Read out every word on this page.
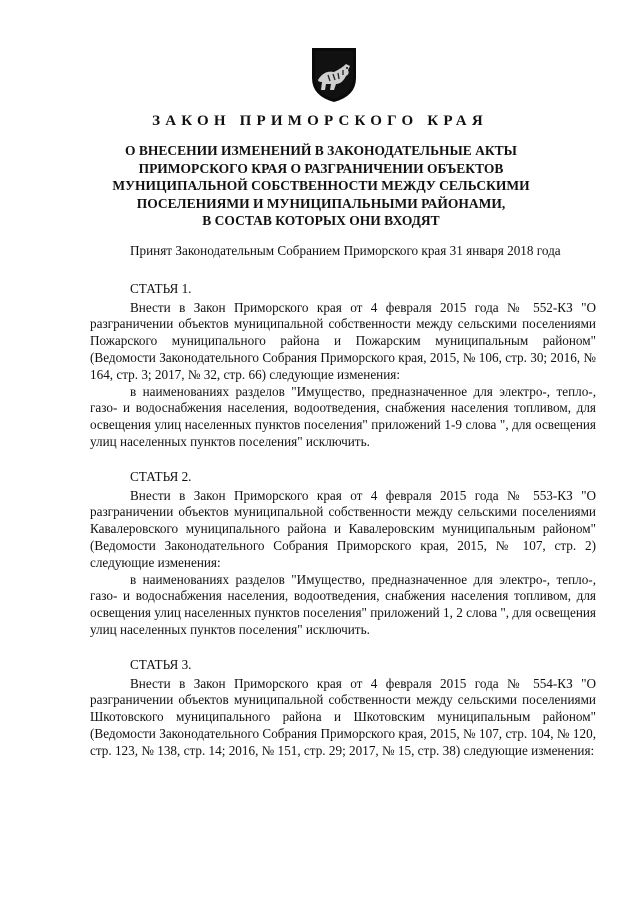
ЗАКОН ПРИМОРСКОГО КРАЯ
О ВНЕСЕНИИ ИЗМЕНЕНИЙ В ЗАКОНОДАТЕЛЬНЫЕ АКТЫ
ПРИМОРСКОГО КРАЯ О РАЗГРАНИЧЕНИИ ОБЪЕКТОВ
МУНИЦИПАЛЬНОЙ СОБСТВЕННОСТИ МЕЖДУ СЕЛЬСКИМИ
ПОСЕЛЕНИЯМИ И МУНИЦИПАЛЬНЫМИ РАЙОНАМИ,
В СОСТАВ КОТОРЫХ ОНИ ВХОДЯТ

Принят Законодательным Собранием Приморского края 31 января 2018 года

СТАТЬЯ 1.

Внести в Закон Приморского края от 4 февраля 2015 года № 552-КЗ "О разграничении объектов муниципальной собственности между сельскими поселениями Пожарского муниципального района и Пожарским муниципальным районом" (Ведомости Законодательного Собрания Приморского края, 2015, № 106, стр. 30; 2016, № 164, стр. 3; 2017, № 32, стр. 66) следующие изменения:

в наименованиях разделов "Имущество, предназначенное для электро-, тепло-, газо- и водоснабжения населения, водоотведения, снабжения населения топливом, для освещения улиц населенных пунктов поселения" приложений 1-9 слова ", для освещения улиц населенных пунктов поселения" исключить.

СТАТЬЯ 2.

Внести в Закон Приморского края от 4 февраля 2015 года № 553-КЗ "О разграничении объектов муниципальной собственности между сельскими поселениями Кавалеровского муниципального района и Кавалеровским муниципальным районом" (Ведомости Законодательного Собрания Приморского края, 2015, № 107, стр. 2) следующие изменения:

в наименованиях разделов "Имущество, предназначенное для электро-, тепло-, газо- и водоснабжения населения, водоотведения, снабжения населения топливом, для освещения улиц населенных пунктов поселения" приложений 1, 2 слова ", для освещения улиц населенных пунктов поселения" исключить.

СТАТЬЯ 3.

Внести в Закон Приморского края от 4 февраля 2015 года № 554-КЗ "О разграничении объектов муниципальной собственности между сельскими поселениями Шкотовского муниципального района и Шкотовским муниципальным районом" (Ведомости Законодательного Собрания Приморского края, 2015, № 107, стр. 104, № 120, стр. 123, № 138, стр. 14; 2016, № 151, стр. 29; 2017, № 15, стр. 38) следующие изменения:
